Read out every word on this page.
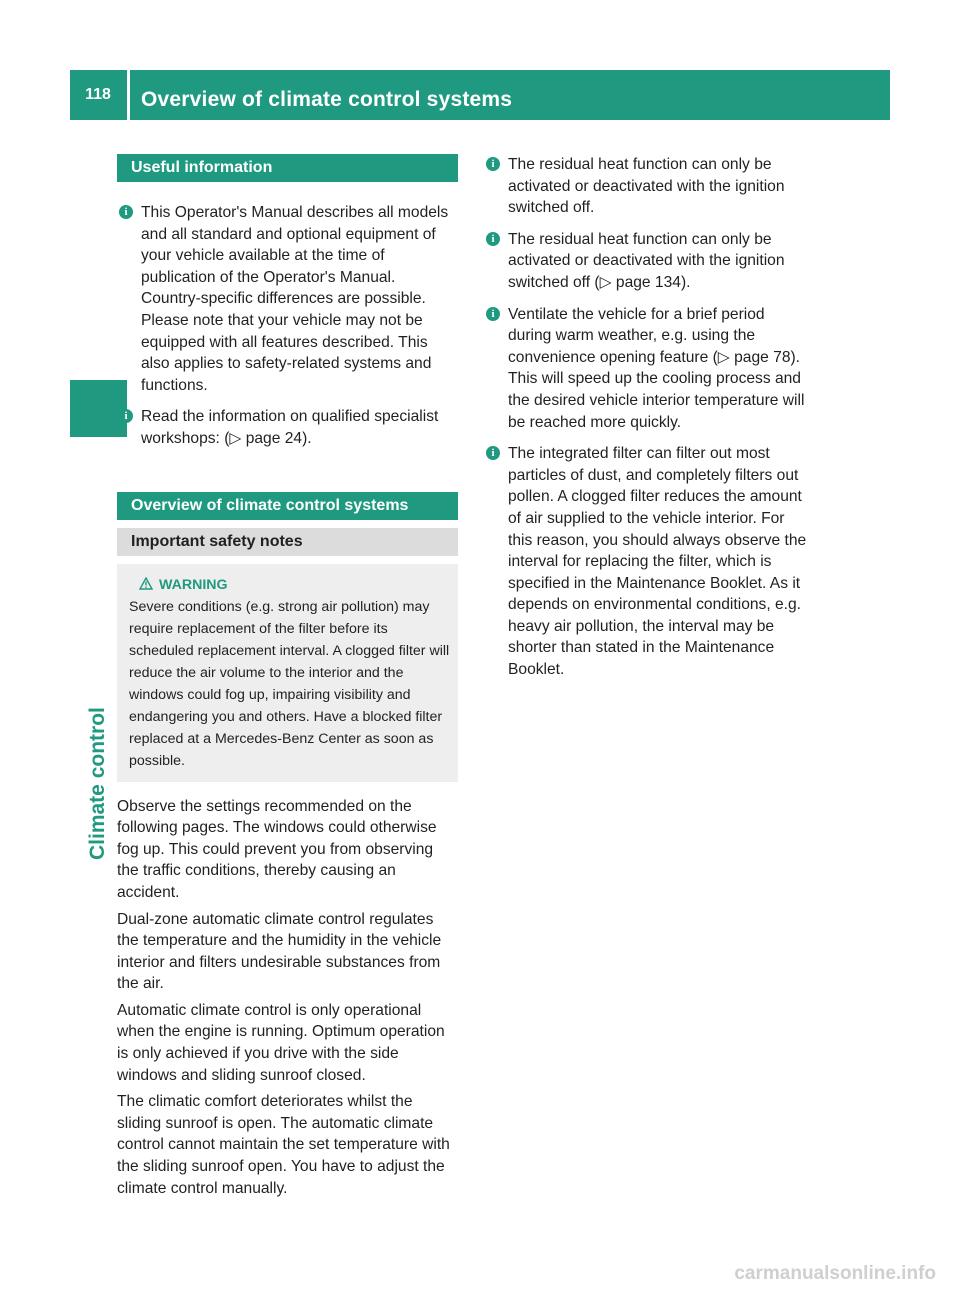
118	Overview of climate control systems
Climate control
Useful information
i This Operator's Manual describes all models and all standard and optional equipment of your vehicle available at the time of publication of the Operator's Manual. Country-specific differences are possible. Please note that your vehicle may not be equipped with all features described. This also applies to safety-related systems and functions.
i Read the information on qualified specialist workshops: (▷ page 24).
Overview of climate control systems
Important safety notes
WARNING
Severe conditions (e.g. strong air pollution) may require replacement of the filter before its scheduled replacement interval. A clogged filter will reduce the air volume to the interior and the windows could fog up, impairing visibility and endangering you and others. Have a blocked filter replaced at a Mercedes-Benz Center as soon as possible.
Observe the settings recommended on the following pages. The windows could otherwise fog up. This could prevent you from observing the traffic conditions, thereby causing an accident.
Dual-zone automatic climate control regulates the temperature and the humidity in the vehicle interior and filters undesirable substances from the air.
Automatic climate control is only operational when the engine is running. Optimum operation is only achieved if you drive with the side windows and sliding sunroof closed.
The climatic comfort deteriorates whilst the sliding sunroof is open. The automatic climate control cannot maintain the set temperature with the sliding sunroof open. You have to adjust the climate control manually.
i The residual heat function can only be activated or deactivated with the ignition switched off.
i The residual heat function can only be activated or deactivated with the ignition switched off (▷ page 134).
i Ventilate the vehicle for a brief period during warm weather, e.g. using the convenience opening feature (▷ page 78). This will speed up the cooling process and the desired vehicle interior temperature will be reached more quickly.
i The integrated filter can filter out most particles of dust, and completely filters out pollen. A clogged filter reduces the amount of air supplied to the vehicle interior. For this reason, you should always observe the interval for replacing the filter, which is specified in the Maintenance Booklet. As it depends on environmental conditions, e.g. heavy air pollution, the interval may be shorter than stated in the Maintenance Booklet.
carmanualsonline.info
